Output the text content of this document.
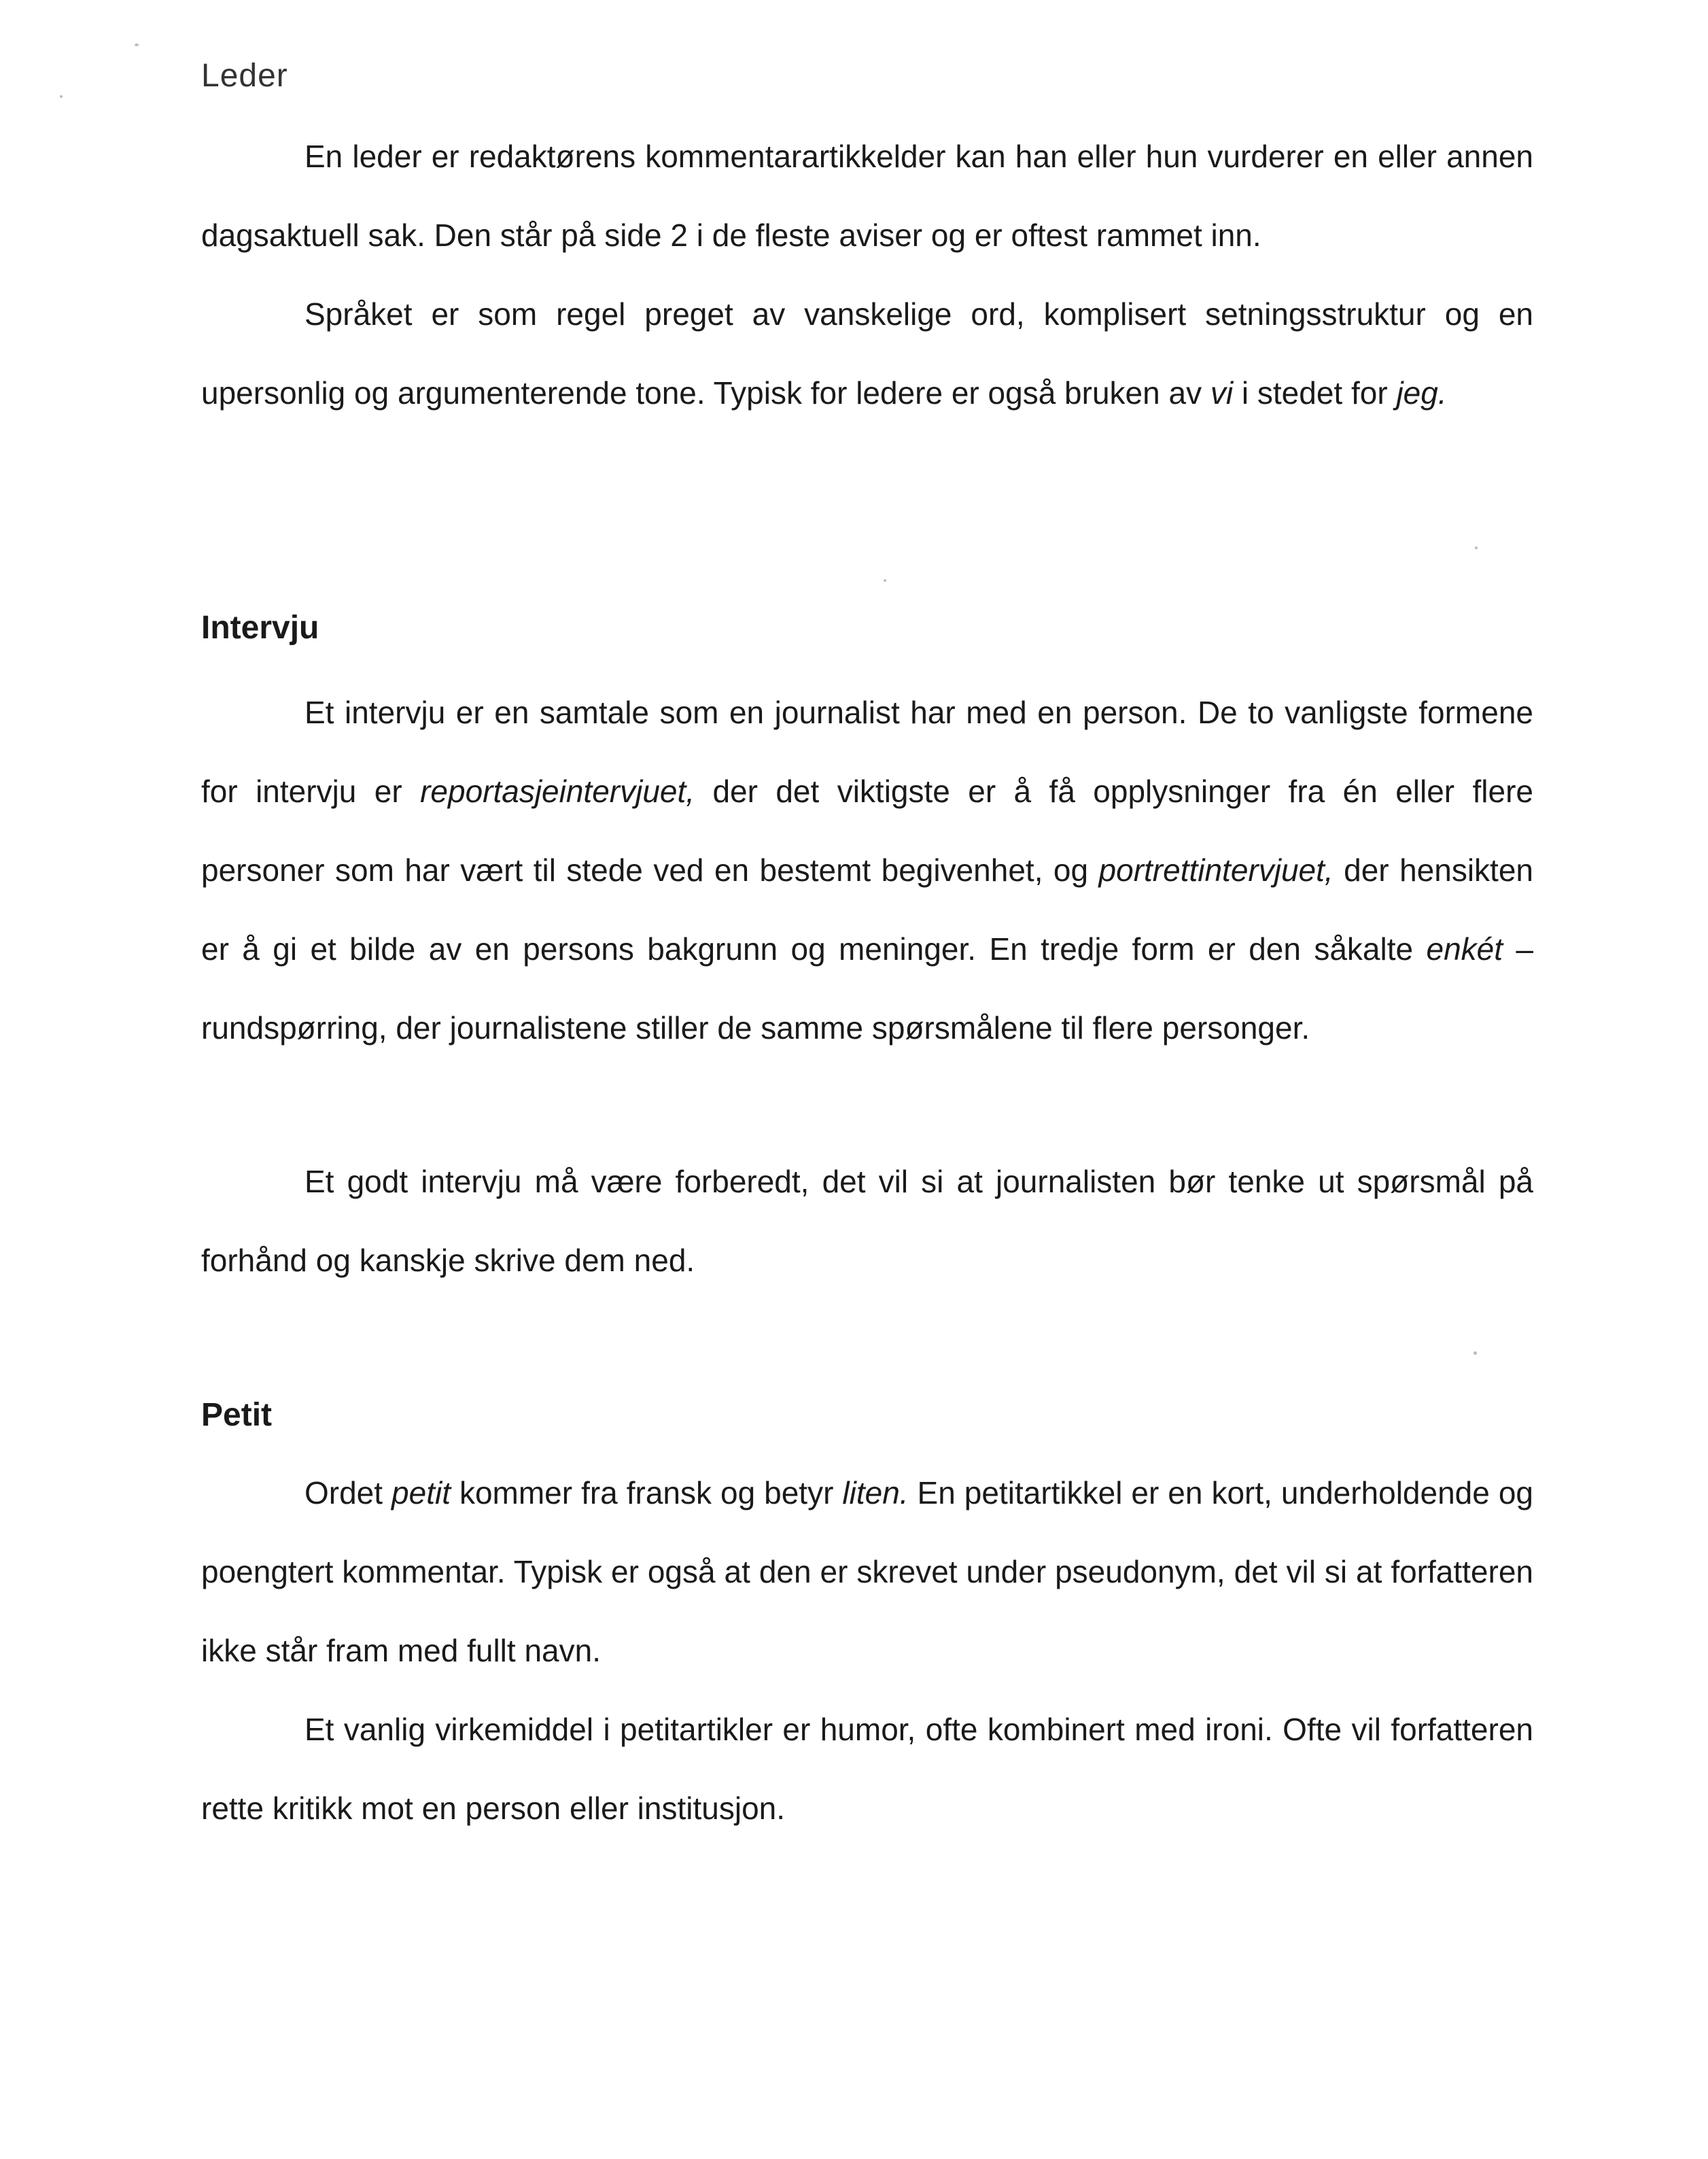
Leder

En leder er redaktørens kommentarartikkelder kan han eller hun vurderer en eller annen dagsaktuell sak. Den står på side 2 i de fleste aviser og er oftest rammet inn.

Språket er som regel preget av vanskelige ord, komplisert setningsstruktur og en upersonlig og argumenterende tone. Typisk for ledere er også bruken av vi i stedet for jeg.

Intervju

Et intervju er en samtale som en journalist har med en person. De to vanligste formene for intervju er reportasjeintervjuet, der det viktigste er å få opplysninger fra én eller flere personer som har vært til stede ved en bestemt begivenhet, og portrettintervjuet, der hensikten er å gi et bilde av en persons bakgrunn og meninger. En tredje form er den såkalte enkét – rundspørring, der journalistene stiller de samme spørsmålene til flere personger.

Et godt intervju må være forberedt, det vil si at journalisten bør tenke ut spørsmål på forhånd og kanskje skrive dem ned.

Petit

Ordet petit kommer fra fransk og betyr liten. En petitartikkel er en kort, underholdende og poengtert kommentar. Typisk er også at den er skrevet under pseudonym, det vil si at forfatteren ikke står fram med fullt navn.

Et vanlig virkemiddel i petitartikler er humor, ofte kombinert med ironi. Ofte vil forfatteren rette kritikk mot en person eller institusjon.
